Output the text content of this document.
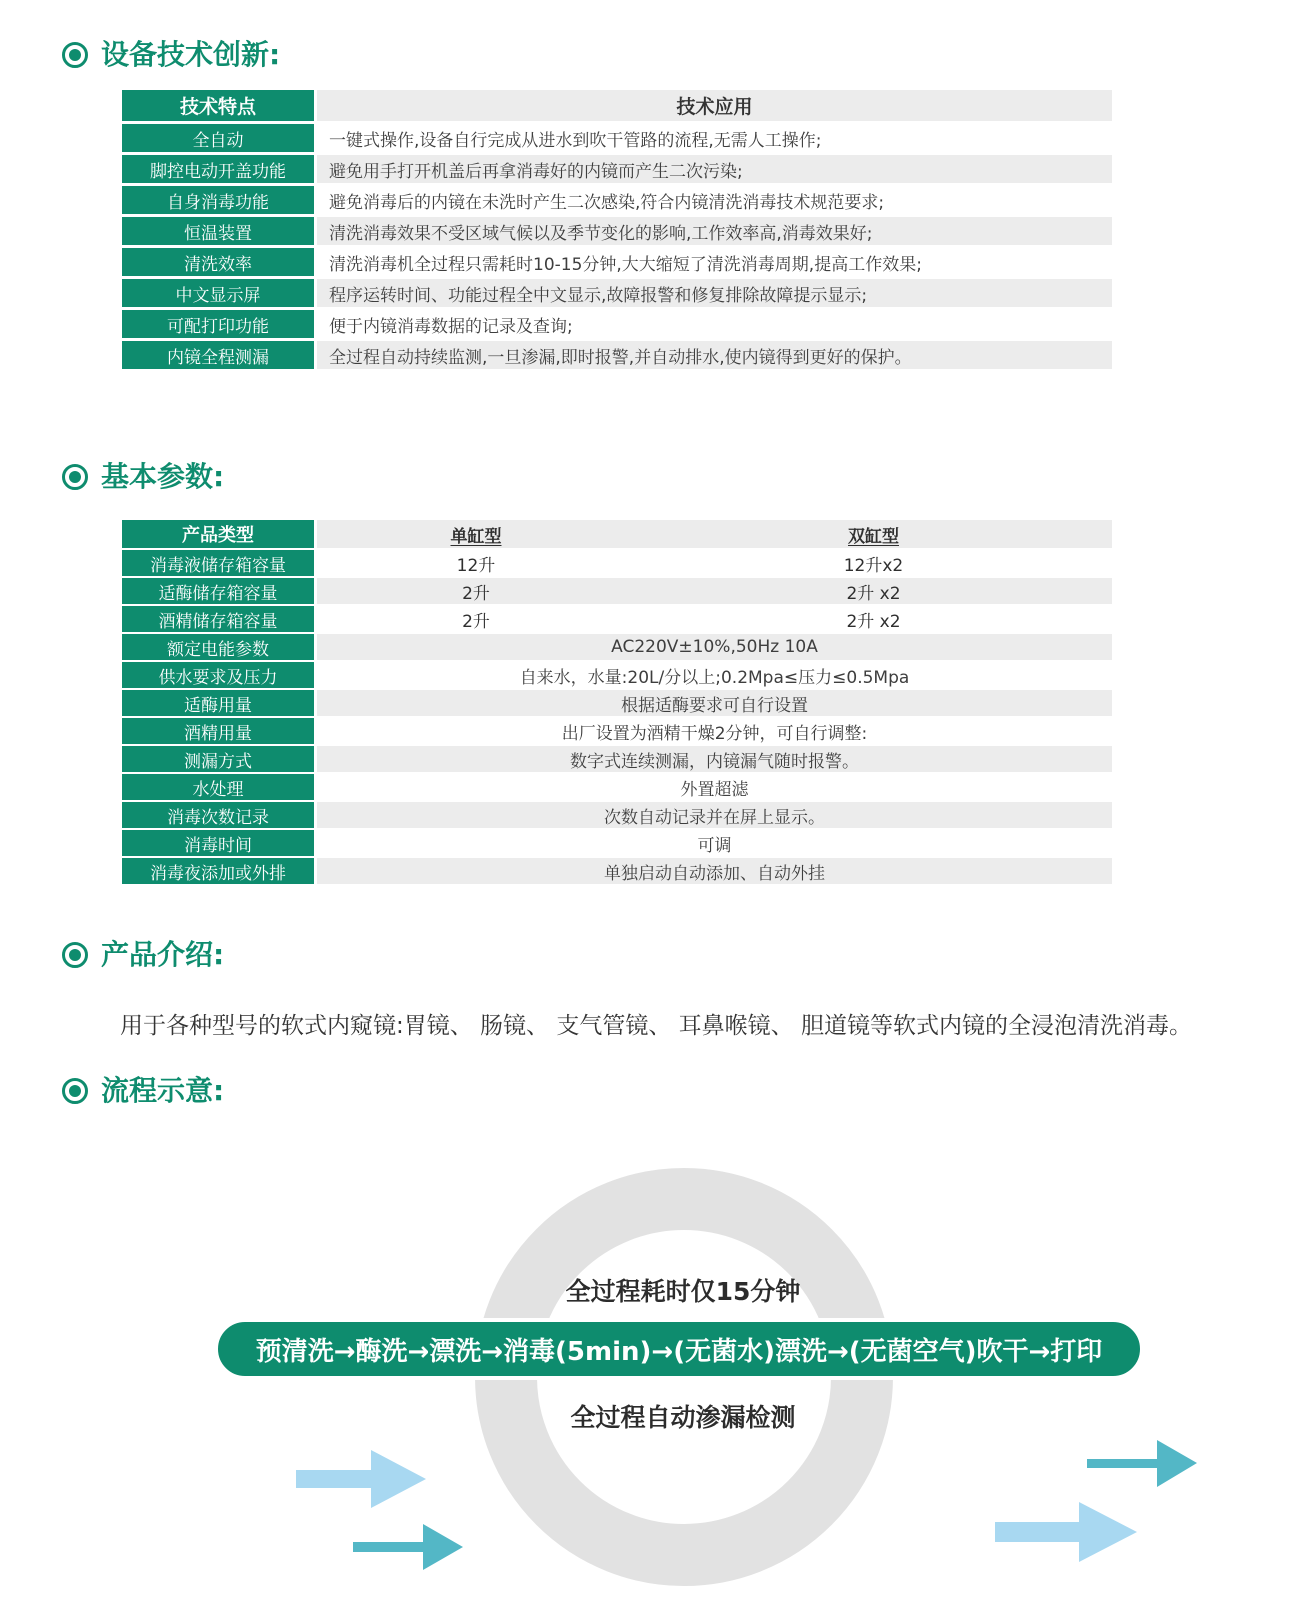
设备技术创新:
技术特点	技术应用
全自动	一键式操作,设备自行完成从进水到吹干管路的流程,无需人工操作;
脚控电动开盖功能	避免用手打开机盖后再拿消毒好的内镜而产生二次污染;
自身消毒功能	避免消毒后的内镜在未洗时产生二次感染,符合内镜清洗消毒技术规范要求;
恒温装置	清洗消毒效果不受区域气候以及季节变化的影响,工作效率高,消毒效果好;
清洗效率	清洗消毒机全过程只需耗时10-15分钟,大大缩短了清洗消毒周期,提高工作效果;
中文显示屏	程序运转时间、功能过程全中文显示,故障报警和修复排除故障提示显示;
可配打印功能	便于内镜消毒数据的记录及查询;
内镜全程测漏	全过程自动持续监测,一旦渗漏,即时报警,并自动排水,使内镜得到更好的保护。
基本参数:
产品类型	单缸型	双缸型
消毒液储存箱容量	12升	12升x2
适酶储存箱容量	2升	2升 x2
酒精储存箱容量	2升	2升 x2
额定电能参数	AC220V±10%,50Hz 10A
供水要求及压力	自来水，水量:20L/分以上;0.2Mpa≤压力≤0.5Mpa
适酶用量	根据适酶要求可自行设置
酒精用量	出厂设置为酒精干燥2分钟，可自行调整:
测漏方式	数字式连续测漏，内镜漏气随时报警。
水处理	外置超滤
消毒次数记录	次数自动记录并在屏上显示。
消毒时间	可调
消毒夜添加或外排	单独启动自动添加、自动外挂
产品介绍:
用于各种型号的软式内窥镜:胃镜、 肠镜、 支气管镜、 耳鼻喉镜、 胆道镜等软式内镜的全浸泡清洗消毒。
流程示意:
全过程耗时仅15分钟
预清洗→酶洗→漂洗→消毒(5min)→(无菌水)漂洗→(无菌空气)吹干→打印
全过程自动渗漏检测
